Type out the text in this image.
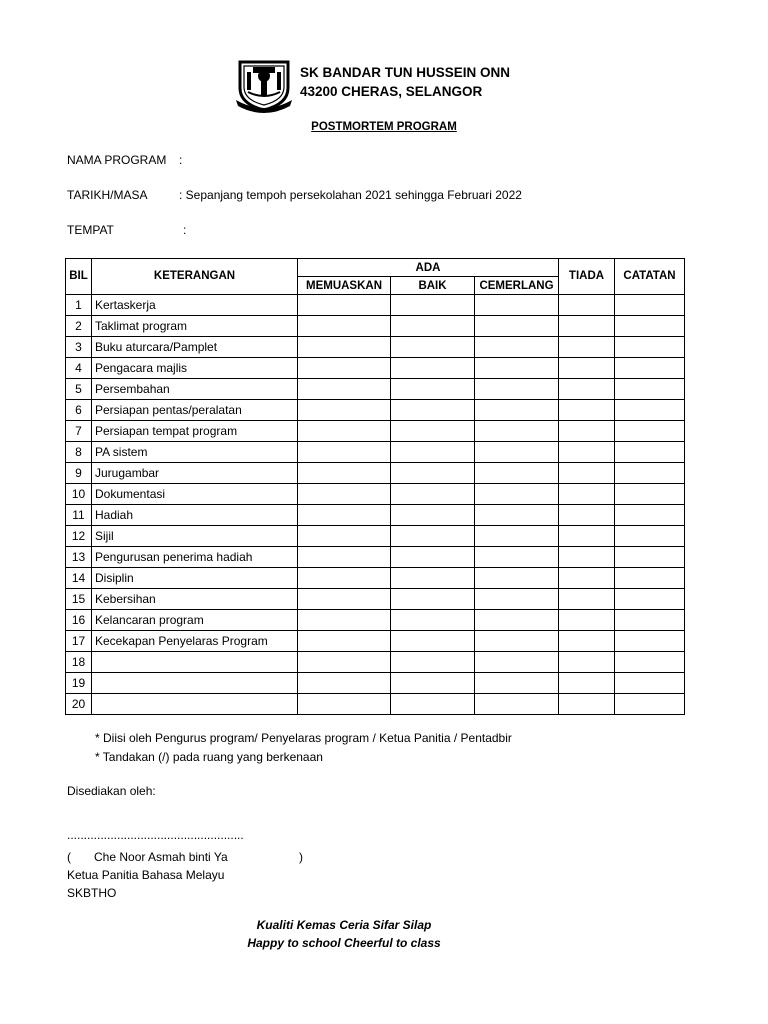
SK BANDAR TUN HUSSEIN ONN
43200 CHERAS, SELANGOR
POSTMORTEM PROGRAM
NAMA PROGRAM :
TARIKH/MASA	: Sepanjang tempoh persekolahan 2021 sehingga Februari 2022
TEMPAT	:
BIL	KETERANGAN	ADA			TIADA	CATATAN
		MEMUASKAN	BAIK	CEMERLANG		
1	Kertaskerja					
2	Taklimat program					
3	Buku aturcara/Pamplet					
4	Pengacara majlis					
5	Persembahan					
6	Persiapan pentas/peralatan					
7	Persiapan tempat program					
8	PA sistem					
9	Jurugambar					
10	Dokumentasi					
11	Hadiah					
12	Sijil					
13	Pengurusan penerima hadiah					
14	Disiplin					
15	Kebersihan					
16	Kelancaran program					
17	Kecekapan Penyelaras Program					
18						
19						
20						
* Diisi oleh Pengurus program/ Penyelaras program / Ketua Panitia / Pentadbir
* Tandakan (/) pada ruang yang berkenaan
Disediakan oleh:
.....................................................
( Che Noor Asmah binti Ya	)
Ketua Panitia Bahasa Melayu
SKBTHO
Kualiti Kemas Ceria Sifar Silap
Happy to school Cheerful to class
